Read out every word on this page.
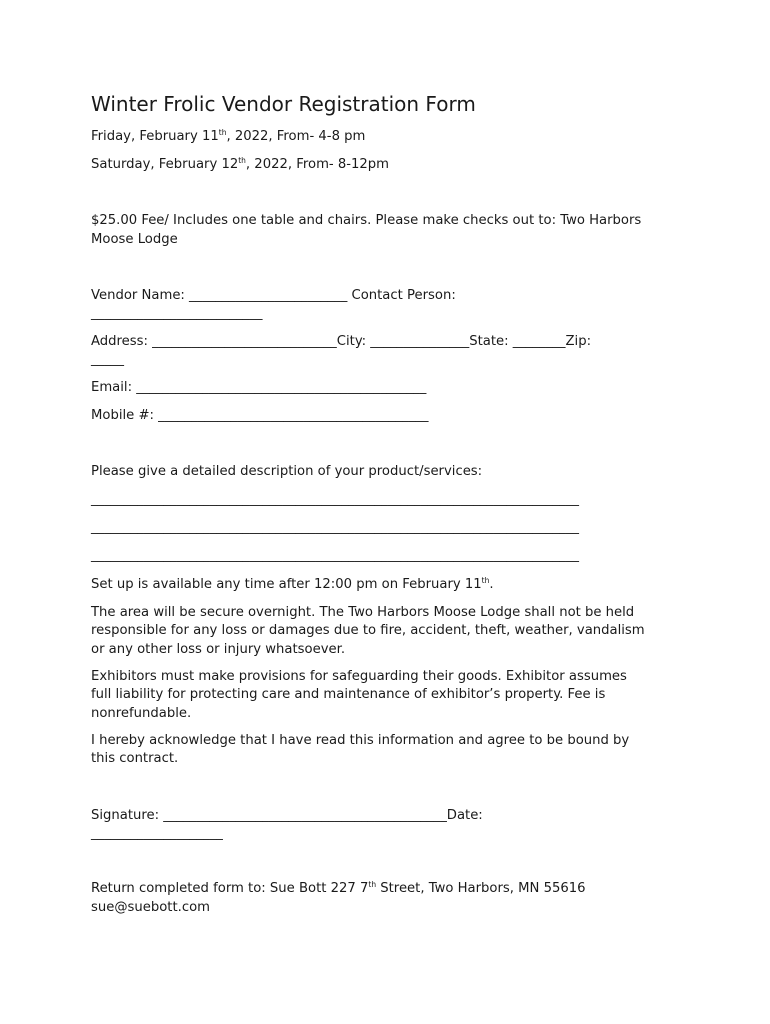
Winter Frolic Vendor Registration Form
Friday, February 11th, 2022, From- 4-8 pm
Saturday, February 12th, 2022, From- 8-12pm
$25.00 Fee/ Includes one table and chairs. Please make checks out to: Two Harbors
Moose Lodge
Vendor Name: ________________________ Contact Person:
__________________________
Address: ____________________________City: _______________State: ________Zip:
_____
Email: ____________________________________________
Mobile #: _________________________________________
Please give a detailed description of your product/services:
__________________________________________________________________________
__________________________________________________________________________
__________________________________________________________________________
Set up is available any time after 12:00 pm on February 11th.
The area will be secure overnight. The Two Harbors Moose Lodge shall not be held
responsible for any loss or damages due to fire, accident, theft, weather, vandalism
or any other loss or injury whatsoever.
Exhibitors must make provisions for safeguarding their goods. Exhibitor assumes
full liability for protecting care and maintenance of exhibitor’s property. Fee is
nonrefundable.
I hereby acknowledge that I have read this information and agree to be bound by
this contract.
Signature: ___________________________________________Date:
____________________
Return completed form to: Sue Bott 227 7th Street, Two Harbors, MN 55616
sue@suebott.com
